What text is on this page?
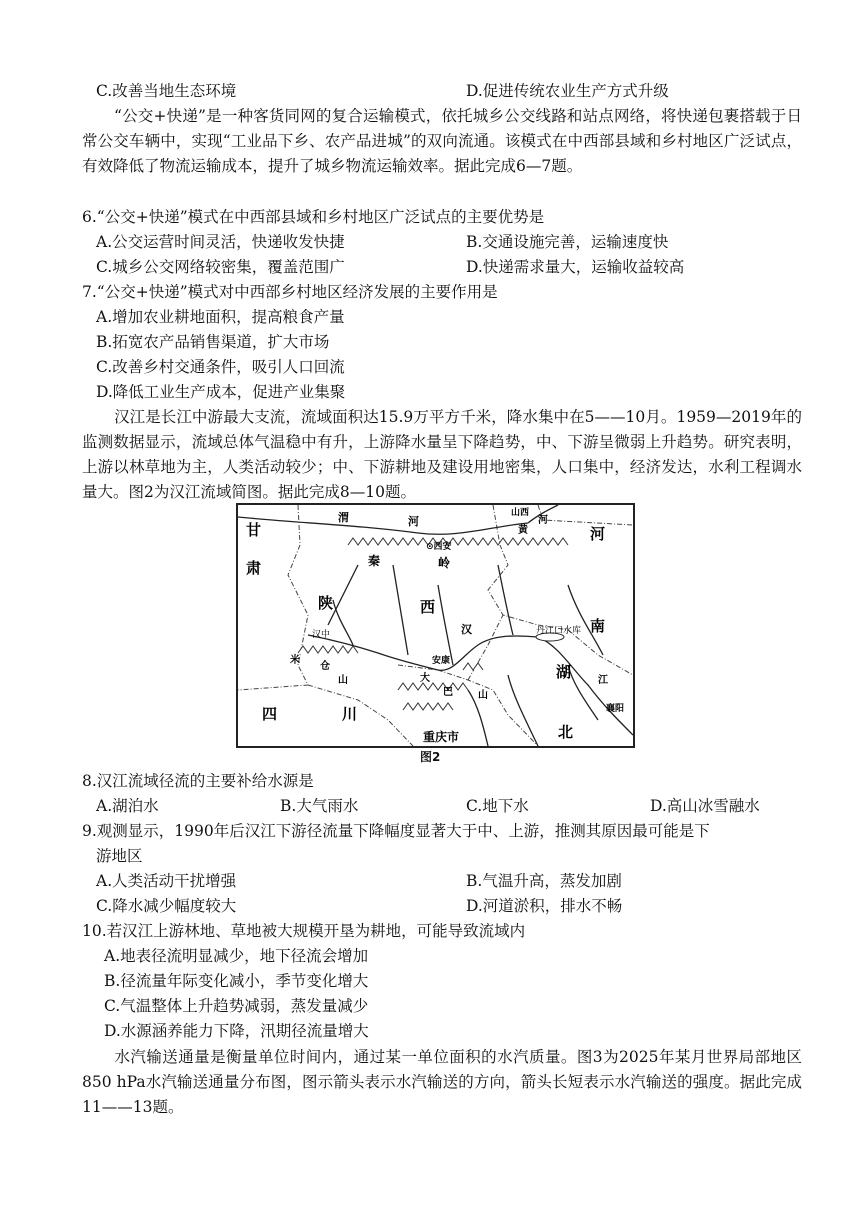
C.改善当地生态环境	D.促进传统农业生产方式升级
“公交+快递”是一种客货同网的复合运输模式，依托城乡公交线路和站点网络，将快递包裹搭载于日常公交车辆中，实现“工业品下乡、农产品进城”的双向流通。该模式在中西部县域和乡村地区广泛试点，有效降低了物流运输成本，提升了城乡物流运输效率。据此完成6—7题。
6.“公交+快递”模式在中西部县域和乡村地区广泛试点的主要优势是
A.公交运营时间灵活，快递收发快捷	B.交通设施完善，运输速度快
C.城乡公交网络较密集，覆盖范围广	D.快递需求量大，运输收益较高
7.“公交+快递”模式对中西部乡村地区经济发展的主要作用是
A.增加农业耕地面积，提高粮食产量
B.拓宽农产品销售渠道，扩大市场
C.改善乡村交通条件，吸引人口回流
D.降低工业生产成本，促进产业集聚
汉江是长江中游最大支流，流域面积达15.9万平方千米，降水集中在5——10月。1959—2019年的监测数据显示，流域总体气温稳中有升，上游降水量呈下降趋势，中、下游呈微弱上升趋势。研究表明，上游以林草地为主，人类活动较少；中、下游耕地及建设用地密集，人口集中，经济发达，水利工程调水量大。图2为汉江流域简图。据此完成8—10题。
甘
肃
渭	河
山西
黄
河
⊙西安
秦	岭
河
南
陕	西
汉
汉中	丹江口水库
米
仓
山
安康
大
巴	山
湖	江
襄阳
四	川
重庆市	北
图2
8.汉江流域径流的主要补给水源是
A.湖泊水	B.大气雨水	C.地下水	D.高山冰雪融水
9.观测显示，1990年后汉江下游径流量下降幅度显著大于中、上游，推测其原因最可能是下
游地区
A.人类活动干扰增强	B.气温升高，蒸发加剧
C.降水减少幅度较大	D.河道淤积，排水不畅
10.若汉江上游林地、草地被大规模开垦为耕地，可能导致流域内
A.地表径流明显减少，地下径流会增加
B.径流量年际变化减小，季节变化增大
C.气温整体上升趋势减弱，蒸发量减少
D.水源涵养能力下降，汛期径流量增大
水汽输送通量是衡量单位时间内，通过某一单位面积的水汽质量。图3为2025年某月世界局部地区850 hPa水汽输送通量分布图，图示箭头表示水汽输送的方向，箭头长短表示水汽输送的强度。据此完成11——13题。
